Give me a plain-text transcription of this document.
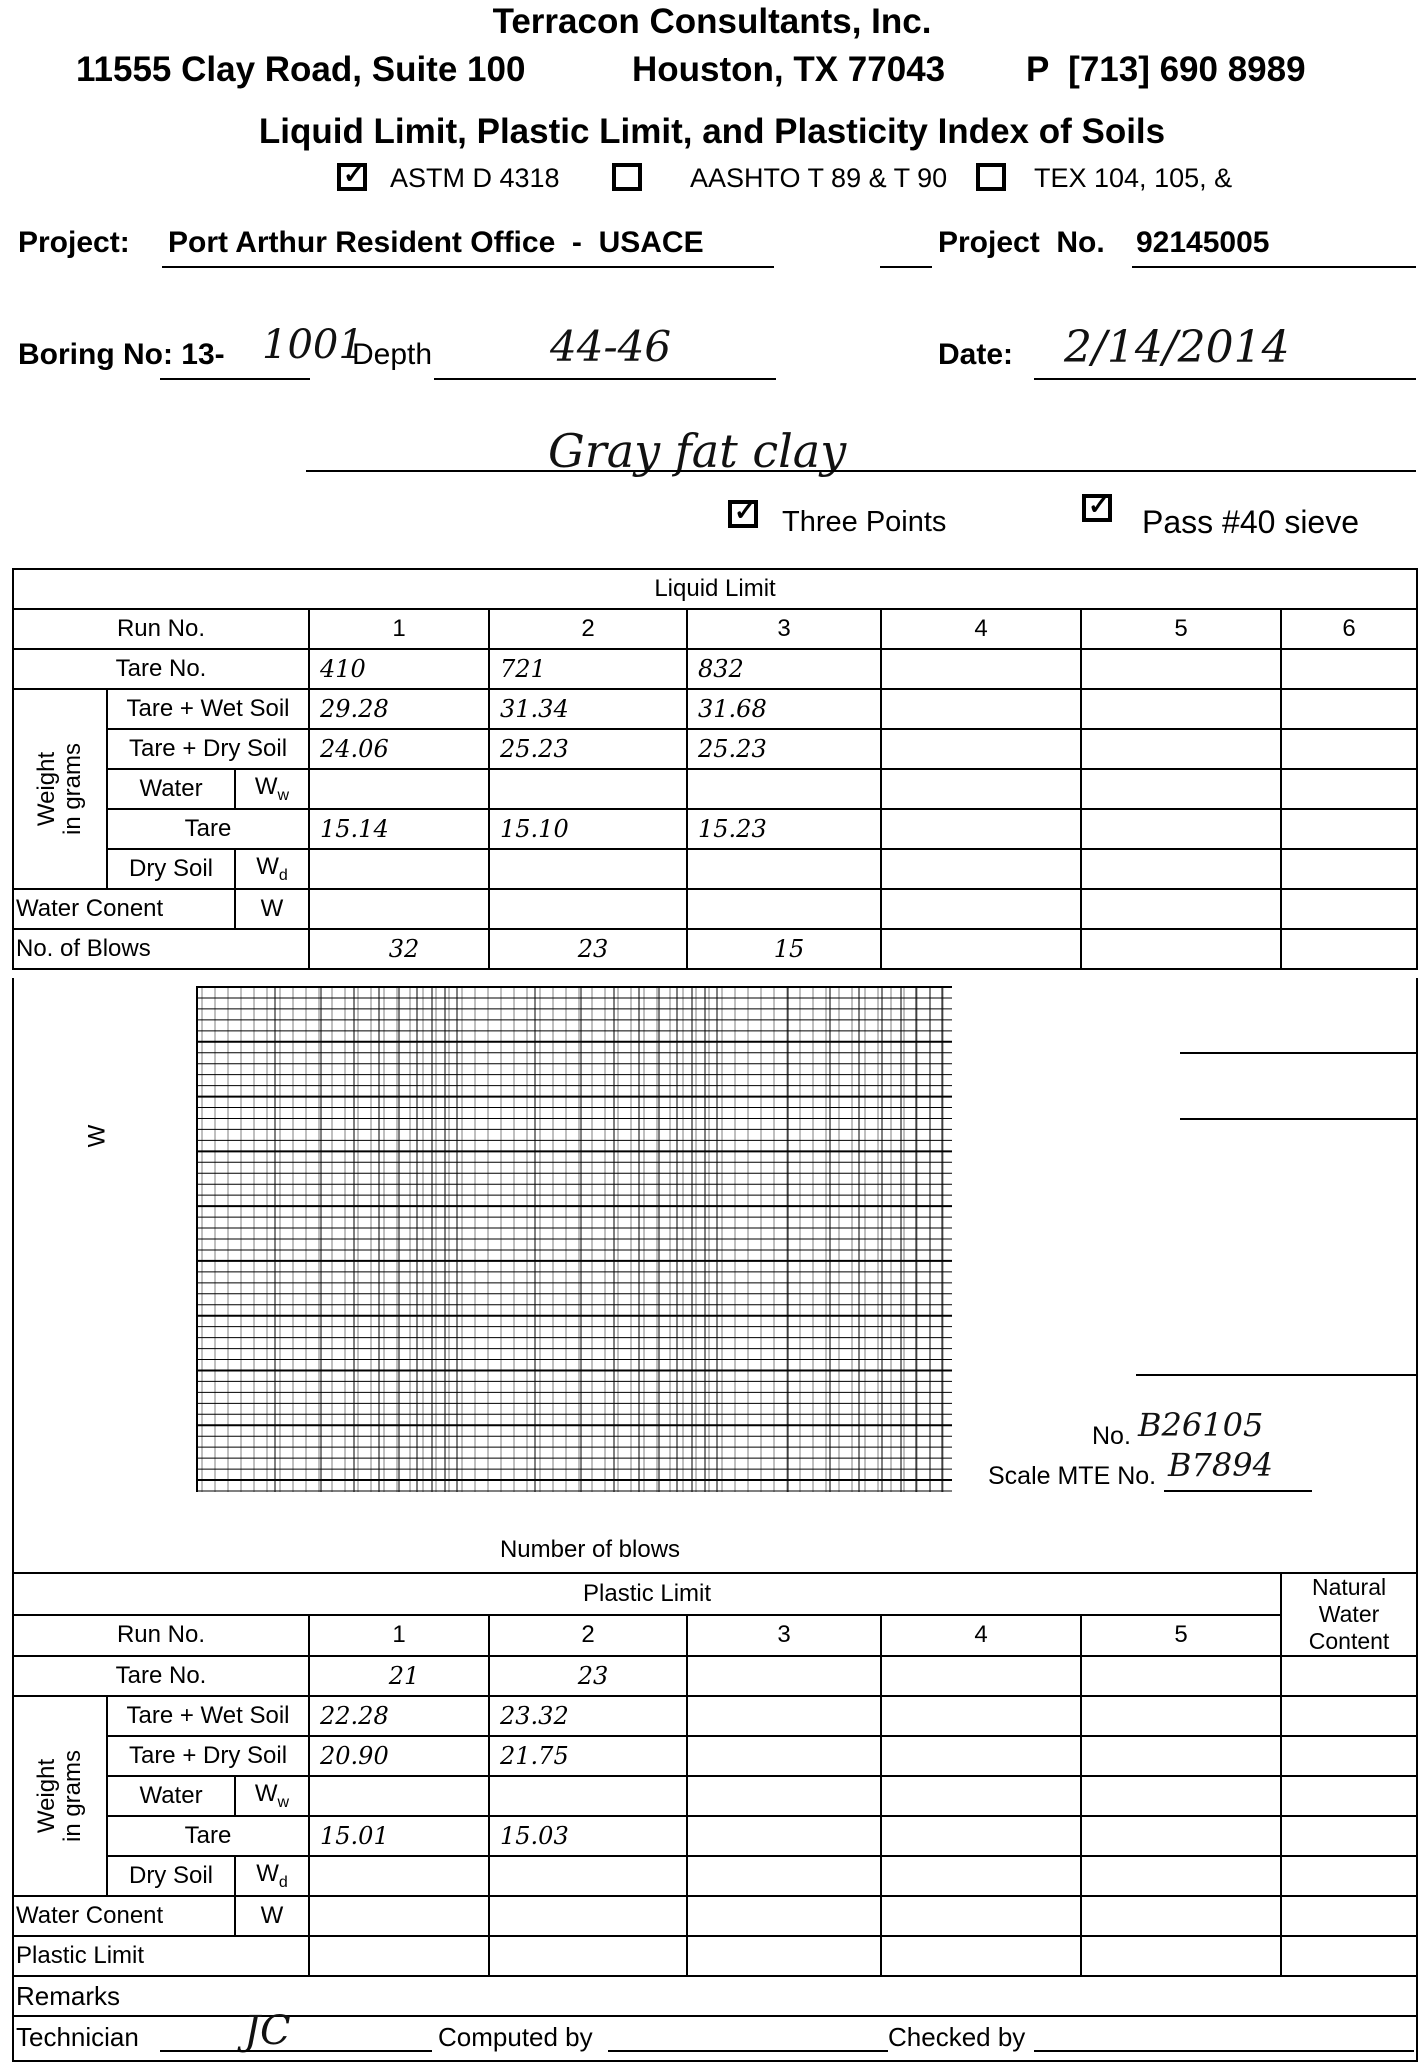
Terracon Consultants, Inc.
11555 Clay Road, Suite 100	Houston, TX 77043 P  [713] 690 8989
Liquid Limit, Plastic Limit, and Plasticity Index of Soils
✓ ASTM D 4318	AASHTO T 89 & T 90	TEX 104, 105, &
Project: Port Arthur Resident Office  -  USACE	Project  No. 92145005
Boring No: 13- 1001
Depth	44-46	Date: 2/14/2014
Gray fat clay
✓ Three Points
✓ Pass #40 sieve
Liquid Limit								
Run No.			1	2	3	4	5	6
Tare No.			410	721	832			
Weight
in grams	Tare + Wet Soil		29.28	31.34	31.68			
	Tare + Dry Soil		24.06	25.23	25.23			
	Water	$W_w$						
	Tare		15.14	15.10	15.23			
	Dry Soil	$W_d$						
Water Conent		W						
No. of Blows			32	23	15			
W
Number of blows
No. B26105
Scale MTE No. B7894
Plastic Limit								Natural Water Content
Run No.			1	2	3	4	5	
Tare No.			21	23				
Weight
in grams	Tare + Wet Soil		22.28	23.32				
	Tare + Dry Soil		20.90	21.75				
	Water	$W_w$						
	Tare		15.01	15.03				
	Dry Soil	$W_d$						
Water Conent		W						
Plastic Limit								
Remarks								
Technician	JC	Computed by	Checked by
